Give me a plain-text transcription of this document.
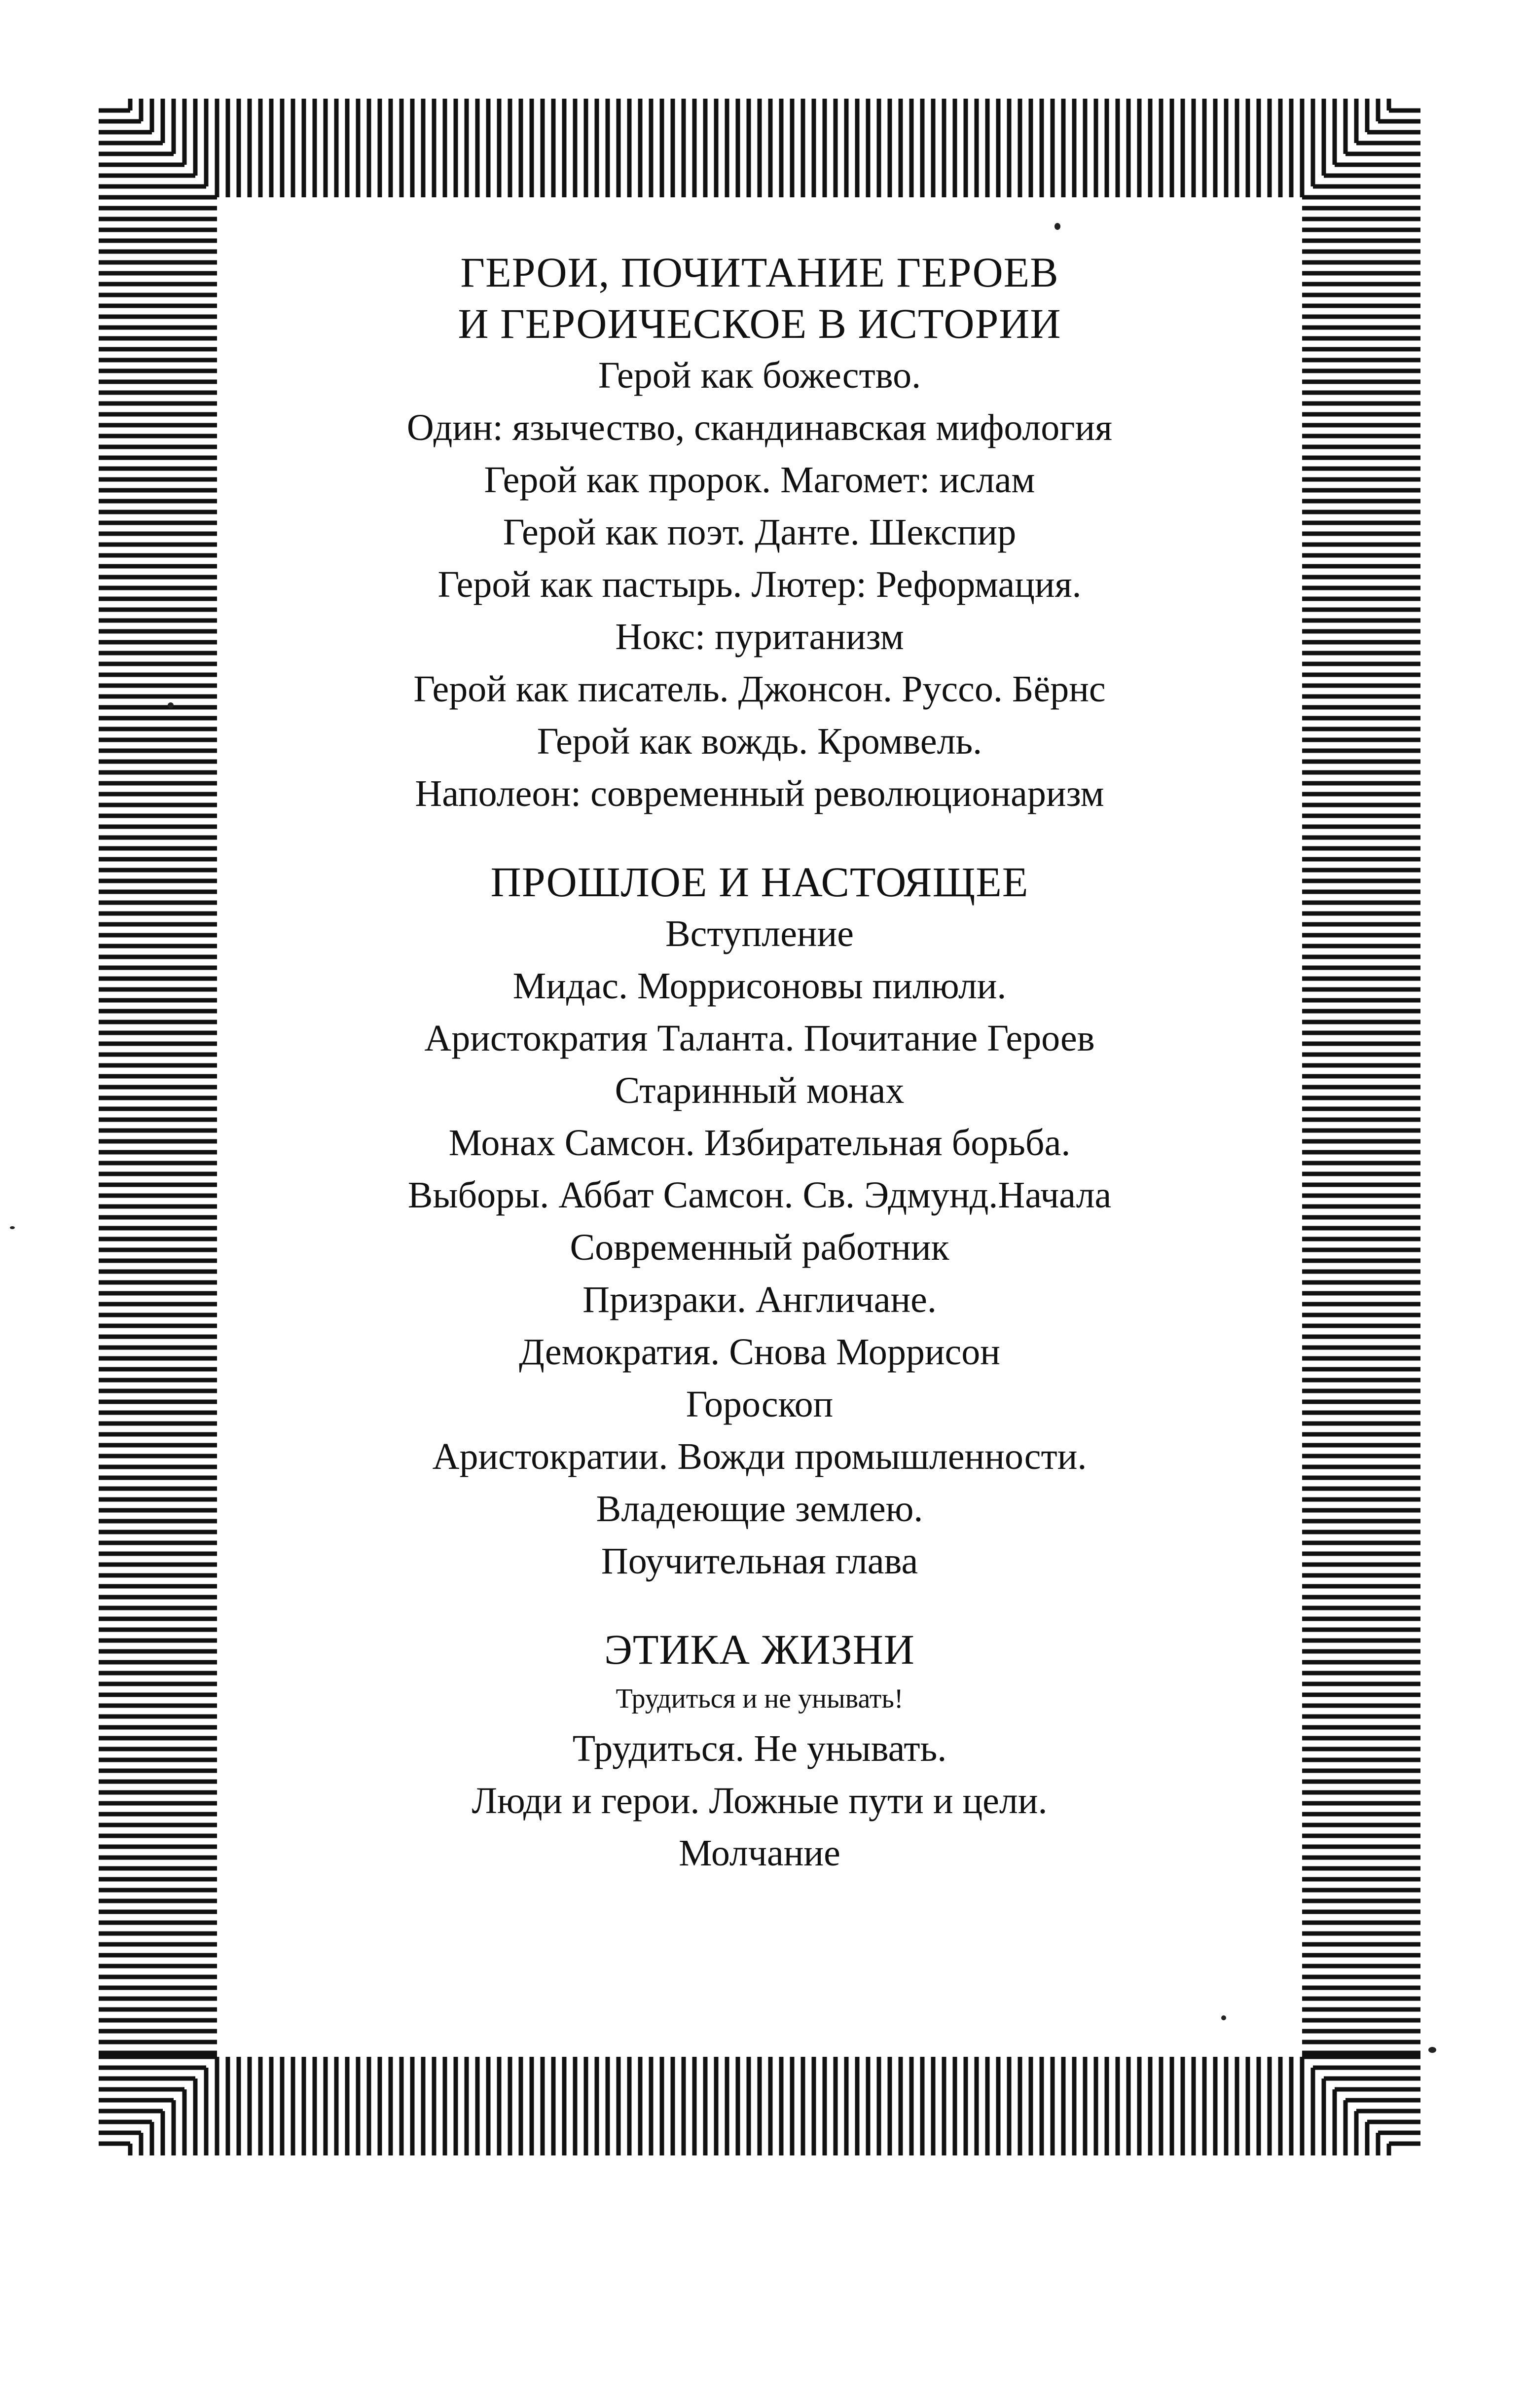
ГЕРОИ, ПОЧИТАНИЕ ГЕРОЕВ

И ГЕРОИЧЕСКОЕ В ИСТОРИИ

Герой как божество.

Один: язычество, скандинавская мифология

Герой как пророк. Магомет: ислам

Герой как поэт. Данте. Шекспир

Герой как пастырь. Лютер: Реформация.

Нокс: пуританизм

Герой как писатель. Джонсон. Руссо. Бёрнс

Герой как вождь. Кромвель.

Наполеон: современный революционаризм

ПРОШЛОЕ И НАСТОЯЩЕЕ

Вступление

Мидас. Моррисоновы пилюли.

Аристократия Таланта. Почитание Героев

Старинный монах

Монах Самсон. Избирательная борьба.

Выборы. Аббат Самсон. Св. Эдмунд.Начала

Современный работник

Призраки. Англичане.

Демократия. Снова Моррисон

Гороскоп

Аристократии. Вожди промышленности.

Владеющие землею.

Поучительная глава

ЭТИКА ЖИЗНИ

Трудиться и не унывать!

Трудиться. Не унывать.

Люди и герои. Ложные пути и цели.

Молчание
